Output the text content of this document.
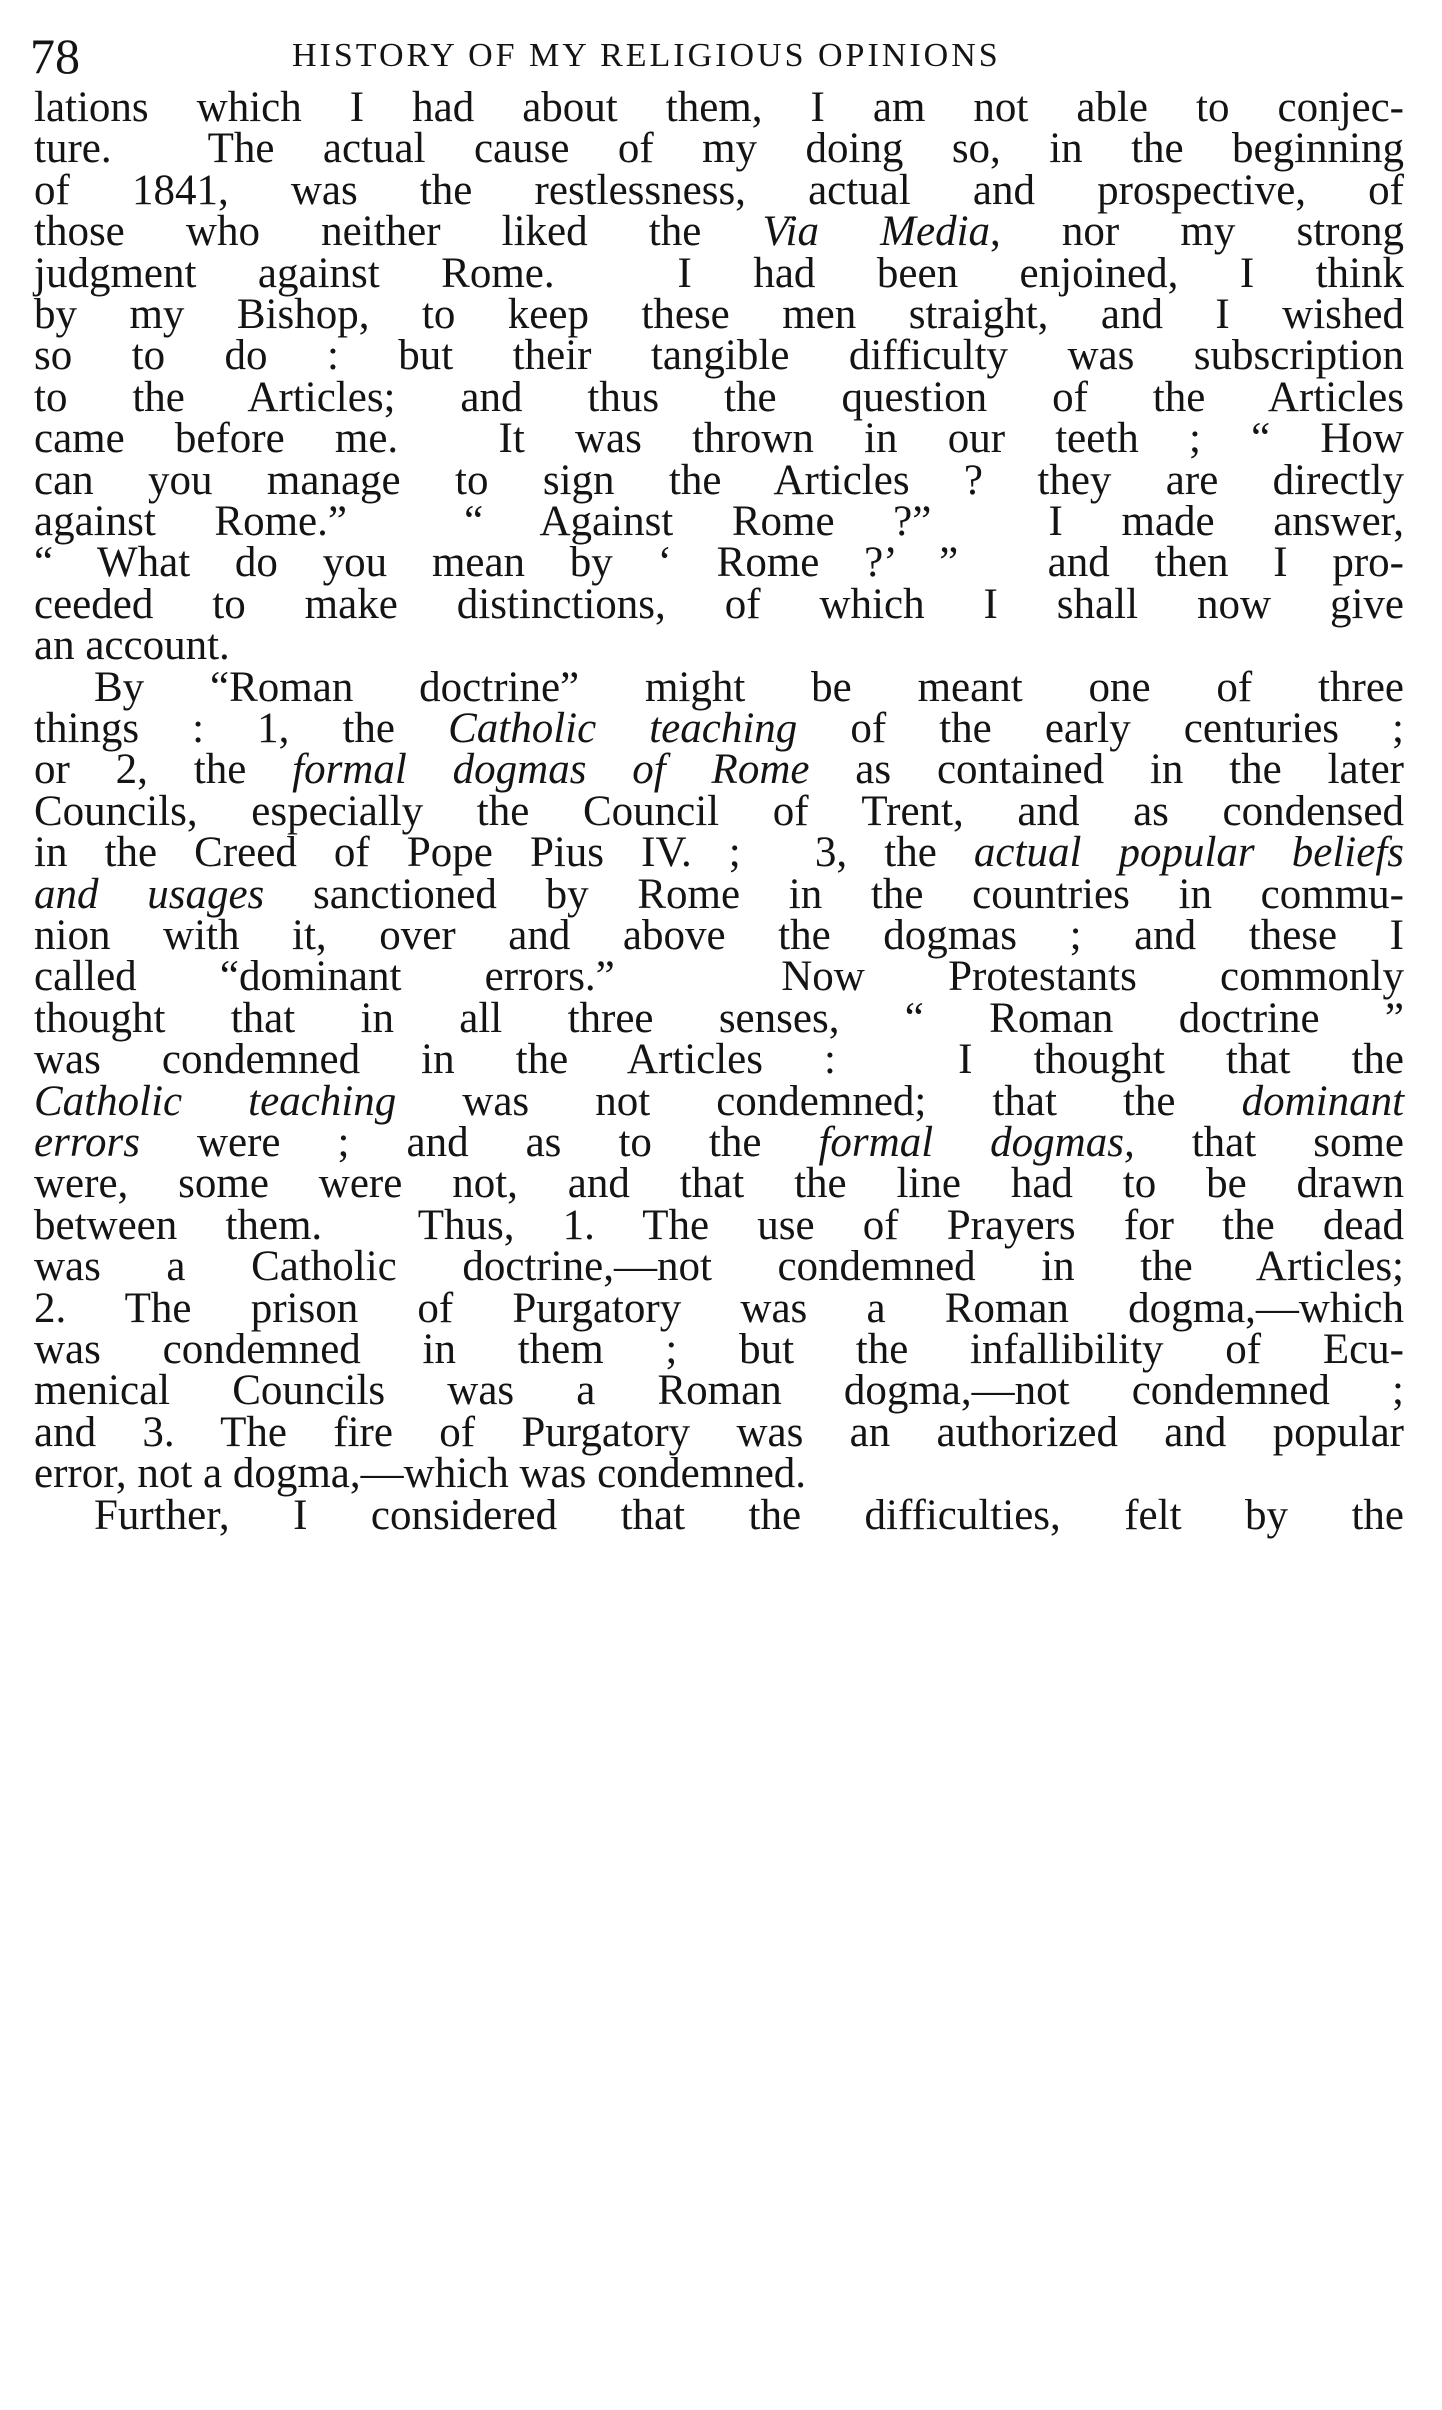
78	HISTORY OF MY RELIGIOUS OPINIONS
lations which I had about them, I am not able to conjec-
ture.  The actual cause of my doing so, in the beginning
of 1841, was the restlessness, actual and prospective, of
those who neither liked the Via Media, nor my strong
judgment against Rome.  I had been enjoined, I think
by my Bishop, to keep these men straight, and I wished
so to do : but their tangible difficulty was subscription
to the Articles; and thus the question of the Articles
came before me.  It was thrown in our teeth ; “ How
can you manage to sign the Articles ? they are directly
against Rome.”  “ Against Rome ?”  I made answer,
“ What do you mean by ‘ Rome ?’ ”  and then I pro-
ceeded to make distinctions, of which I shall now give
an account.
By “Roman doctrine” might be meant one of three
things : 1, the Catholic teaching of the early centuries ;
or 2, the formal dogmas of Rome as contained in the later
Councils, especially the Council of Trent, and as condensed
in the Creed of Pope Pius IV. ;  3, the actual popular beliefs
and usages sanctioned by Rome in the countries in commu-
nion with it, over and above the dogmas ; and these I
called “dominant errors.”  Now Protestants commonly
thought that in all three senses, “ Roman doctrine ”
was condemned in the Articles :  I thought that the
Catholic teaching was not condemned; that the dominant
errors were ; and as to the formal dogmas, that some
were, some were not, and that the line had to be drawn
between them.  Thus, 1. The use of Prayers for the dead
was a Catholic doctrine,—not condemned in the Articles;
2. The prison of Purgatory was a Roman dogma,—which
was condemned in them ; but the infallibility of Ecu-
menical Councils was a Roman dogma,—not condemned ;
and 3. The fire of Purgatory was an authorized and popular
error, not a dogma,—which was condemned.
Further, I considered that the difficulties, felt by the
